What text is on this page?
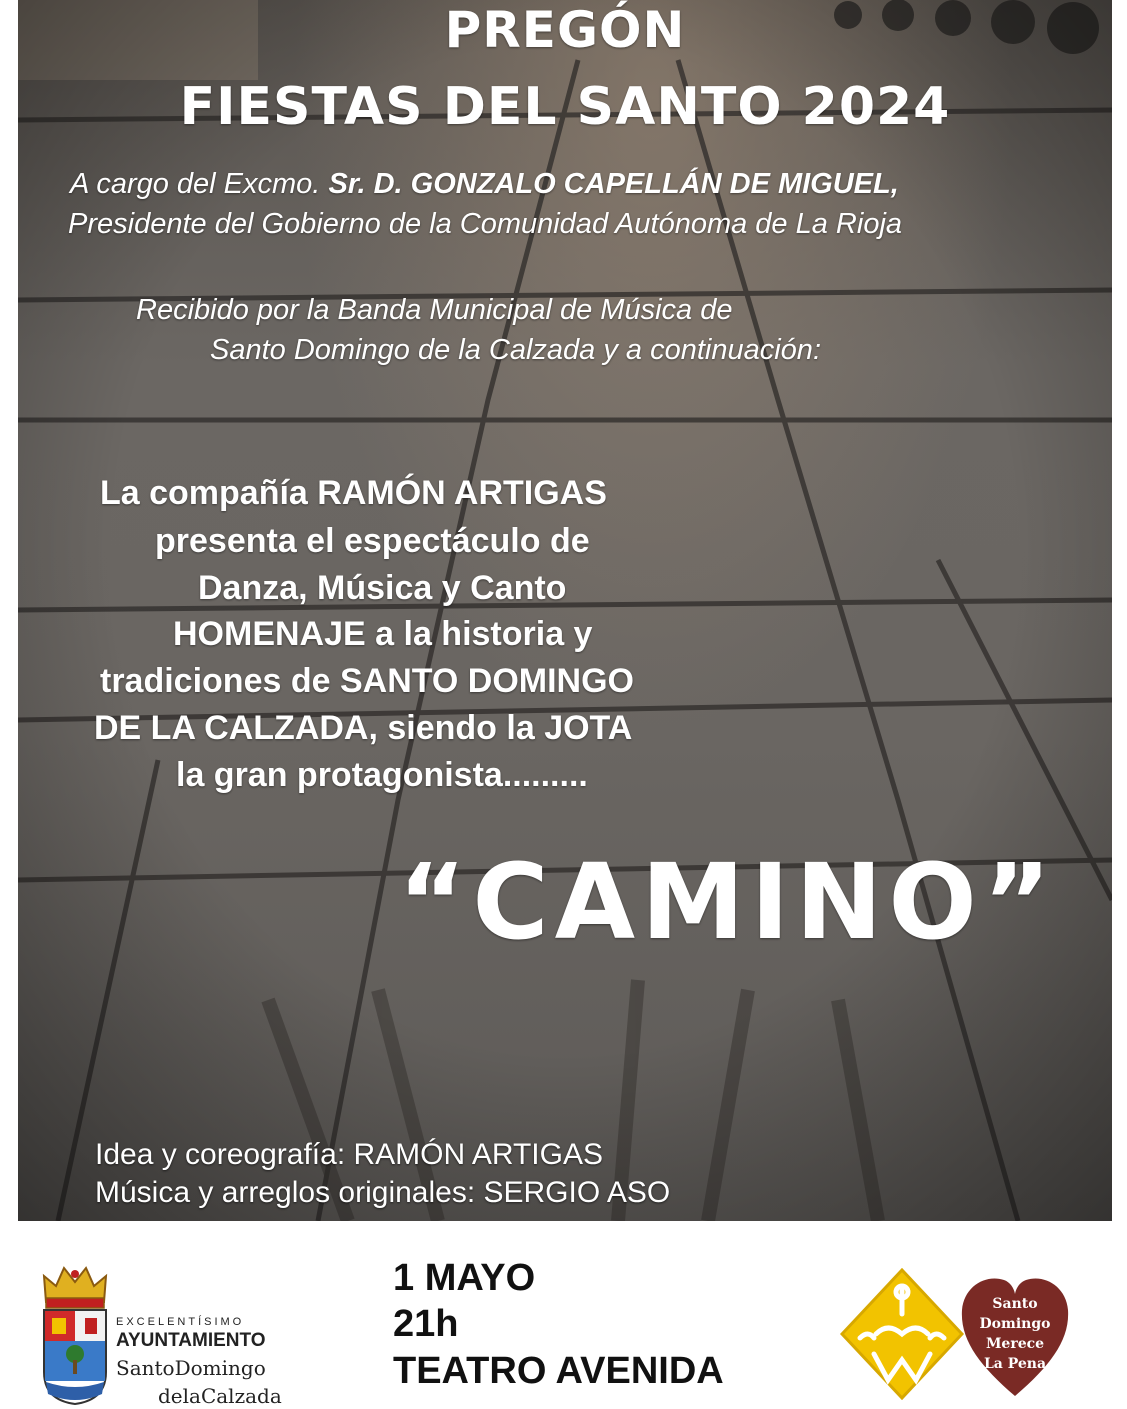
PREGÓN
FIESTAS DEL SANTO 2024
A cargo del Excmo. Sr. D. GONZALO CAPELLÁN DE MIGUEL,
Presidente del Gobierno de la Comunidad Autónoma de La Rioja
Recibido por la Banda Municipal de Música de
Santo Domingo de la Calzada y a continuación:
La compañía RAMÓN ARTIGAS
presenta el espectáculo de
Danza, Música y Canto
HOMENAJE a la historia y
tradiciones de SANTO DOMINGO
DE LA CALZADA, siendo la JOTA
la gran protagonista.........
“CAMINO”
Idea y coreografía: RAMÓN ARTIGAS
Música y arreglos originales: SERGIO ASO
EXCELENTÍSIMO
AYUNTAMIENTO
SantoDomingo
delaCalzada
1 MAYO
21h
TEATRO AVENIDA
Santo
Domingo
Merece
La Pena
